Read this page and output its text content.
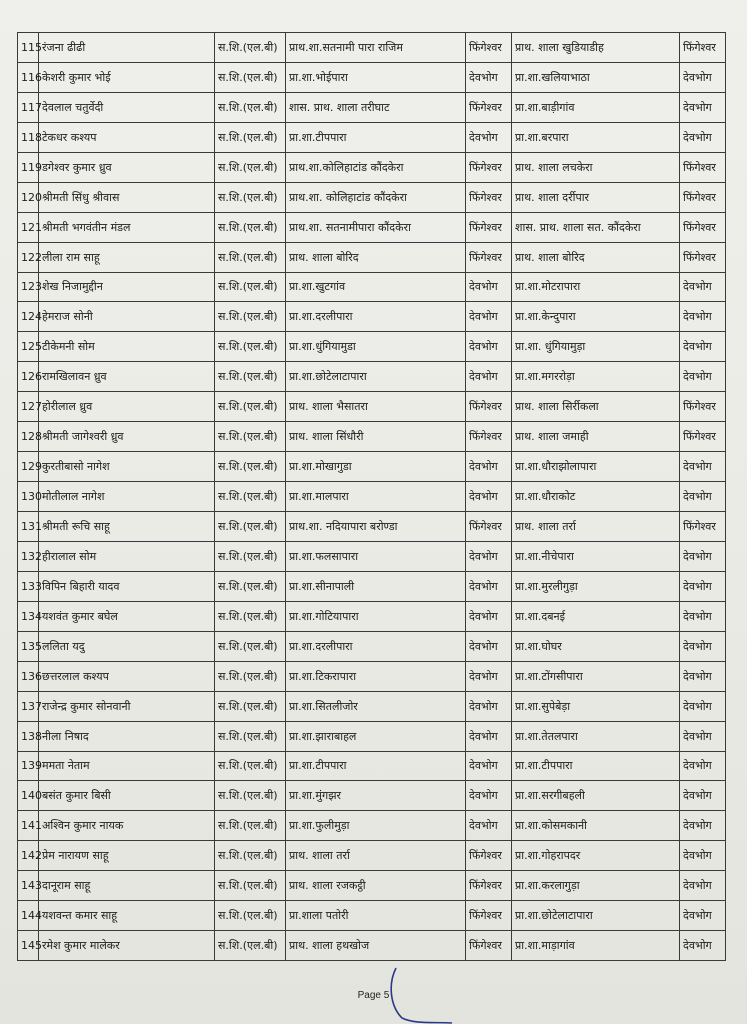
115	रंजना ढीढी	स.शि.(एल.बी)	प्राथ.शा.सतनामी पारा राजिम	फिंगेश्वर	प्राथ. शाला खुडियाडीह	फिंगेश्वर
116	केशरी कुमार भोई	स.शि.(एल.बी)	प्रा.शा.भोईपारा	देवभोग	प्रा.शा.खलियाभाठा	देवभोग
117	देवलाल चतुर्वेदी	स.शि.(एल.बी)	शास. प्राथ. शाला तरीघाट	फिंगेश्वर	प्रा.शा.बाड़ीगांव	देवभोग
118	टेकधर कश्यप	स.शि.(एल.बी)	प्रा.शा.टीपपारा	देवभोग	प्रा.शा.बरपारा	देवभोग
119	डगेश्वर कुमार ध्रुव	स.शि.(एल.बी)	प्राथ.शा.कोलिहाटांड कौंदकेरा	फिंगेश्वर	प्राथ. शाला लचकेरा	फिंगेश्वर
120	श्रीमती सिंधु श्रीवास	स.शि.(एल.बी)	प्राथ.शा. कोलिहाटांड कौंदकेरा	फिंगेश्वर	प्राथ. शाला दर्रीपार	फिंगेश्वर
121	श्रीमती भगवंतीन मंडल	स.शि.(एल.बी)	प्राथ.शा. सतनामीपारा कौंदकेरा	फिंगेश्वर	शास. प्राथ. शाला सत. कौंदकेरा	फिंगेश्वर
122	लीला राम साहू	स.शि.(एल.बी)	प्राथ. शाला बोरिद	फिंगेश्वर	प्राथ. शाला बोरिद	फिंगेश्वर
123	शेख निजामुद्दीन	स.शि.(एल.बी)	प्रा.शा.खुटगांव	देवभोग	प्रा.शा.मोटरापारा	देवभोग
124	हेमराज सोनी	स.शि.(एल.बी)	प्रा.शा.दरलीपारा	देवभोग	प्रा.शा.केन्दुपारा	देवभोग
125	टीकेमनी सोम	स.शि.(एल.बी)	प्रा.शा.धुंगियामुडा	देवभोग	प्रा.शा. धुंगियामुड़ा	देवभोग
126	रामखिलावन ध्रुव	स.शि.(एल.बी)	प्रा.शा.छोटेलाटापारा	देवभोग	प्रा.शा.मगररोड़ा	देवभोग
127	होरीलाल ध्रुव	स.शि.(एल.बी)	प्राथ. शाला भैसातरा	फिंगेश्वर	प्राथ. शाला सिर्रीकला	फिंगेश्वर
128	श्रीमती जागेश्वरी ध्रुव	स.शि.(एल.बी)	प्राथ. शाला सिंधौरी	फिंगेश्वर	प्राथ. शाला जमाही	फिंगेश्वर
129	कुरतीबासो नागेश	स.शि.(एल.बी)	प्रा.शा.मोखागुडा	देवभोग	प्रा.शा.धौराझोलापारा	देवभोग
130	मोतीलाल नागेश	स.शि.(एल.बी)	प्रा.शा.मालपारा	देवभोग	प्रा.शा.धौराकोट	देवभोग
131	श्रीमती रूचि साहू	स.शि.(एल.बी)	प्राथ.शा. नदियापारा बरोण्डा	फिंगेश्वर	प्राथ. शाला तर्रा	फिंगेश्वर
132	हीरालाल सोम	स.शि.(एल.बी)	प्रा.शा.फलसापारा	देवभोग	प्रा.शा.नीचेपारा	देवभोग
133	विपिन बिहारी यादव	स.शि.(एल.बी)	प्रा.शा.सीनापाली	देवभोग	प्रा.शा.मुरलीगुड़ा	देवभोग
134	यशवंत कुमार बघेल	स.शि.(एल.बी)	प्रा.शा.गोटियापारा	देवभोग	प्रा.शा.दबनई	देवभोग
135	ललिता यदु	स.शि.(एल.बी)	प्रा.शा.दरलीपारा	देवभोग	प्रा.शा.घोघर	देवभोग
136	छत्तरलाल कश्यप	स.शि.(एल.बी)	प्रा.शा.टिकरापारा	देवभोग	प्रा.शा.टोंगसीपारा	देवभोग
137	राजेन्द्र कुमार सोनवानी	स.शि.(एल.बी)	प्रा.शा.सितलीजोर	देवभोग	प्रा.शा.सुपेबेड़ा	देवभोग
138	नीला निषाद	स.शि.(एल.बी)	प्रा.शा.झाराबाहल	देवभोग	प्रा.शा.तेतलपारा	देवभोग
139	ममता नेताम	स.शि.(एल.बी)	प्रा.शा.टीपपारा	देवभोग	प्रा.शा.टीपपारा	देवभोग
140	बसंत कुमार बिसी	स.शि.(एल.बी)	प्रा.शा.मुंगझर	देवभोग	प्रा.शा.सरगीबहली	देवभोग
141	अश्विन कुमार नायक	स.शि.(एल.बी)	प्रा.शा.फुलीमुड़ा	देवभोग	प्रा.शा.कोसमकानी	देवभोग
142	प्रेम नारायण साहू	स.शि.(एल.बी)	प्राथ. शाला तर्रा	फिंगेश्वर	प्रा.शा.गोहरापदर	देवभोग
143	दानूराम साहू	स.शि.(एल.बी)	प्राथ. शाला रजकट्ठी	फिंगेश्वर	प्रा.शा.करलागुड़ा	देवभोग
144	यशवन्त कमार साहू	स.शि.(एल.बी)	प्रा.शाला पतोरी	फिंगेश्वर	प्रा.शा.छोटेलाटापारा	देवभोग
145	रमेश कुमार मालेकर	स.शि.(एल.बी)	प्राथ. शाला हथखोज	फिंगेश्वर	प्रा.शा.माड़ागांव	देवभोग
Page 5
